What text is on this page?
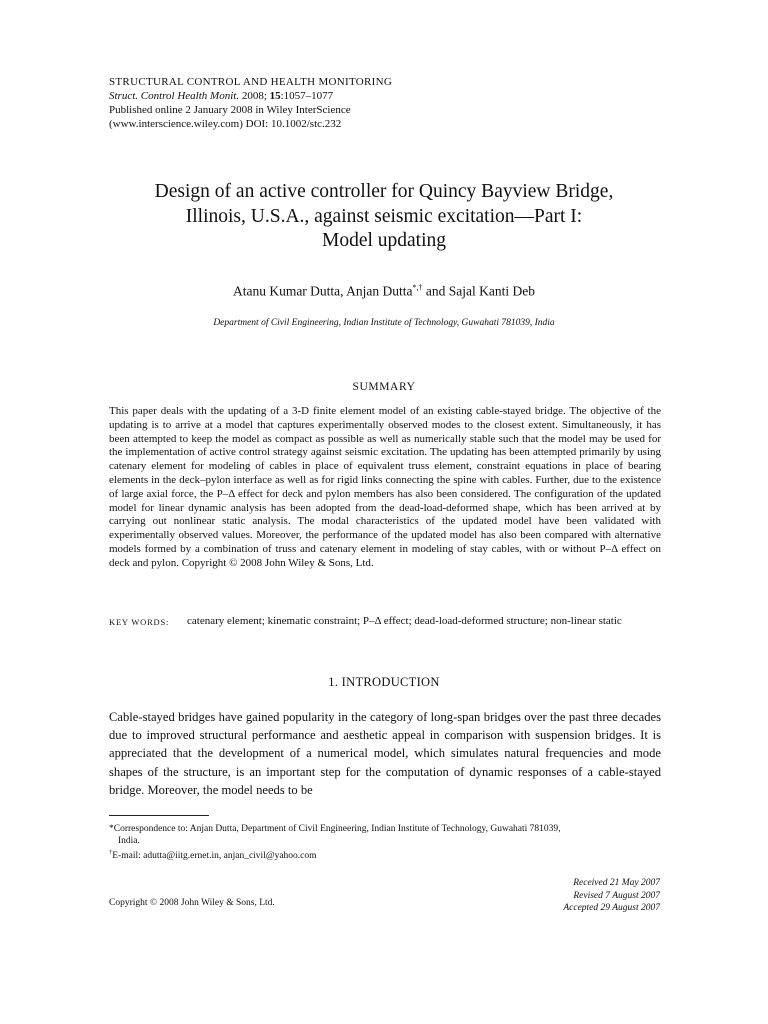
STRUCTURAL CONTROL AND HEALTH MONITORING
Struct. Control Health Monit. 2008; 15:1057–1077
Published online 2 January 2008 in Wiley InterScience
(www.interscience.wiley.com) DOI: 10.1002/stc.232
Design of an active controller for Quincy Bayview Bridge,
Illinois, U.S.A., against seismic excitation—Part I:
Model updating
Atanu Kumar Dutta, Anjan Dutta*,† and Sajal Kanti Deb
Department of Civil Engineering, Indian Institute of Technology, Guwahati 781039, India
SUMMARY
This paper deals with the updating of a 3-D finite element model of an existing cable-stayed bridge. The objective of the updating is to arrive at a model that captures experimentally observed modes to the closest extent. Simultaneously, it has been attempted to keep the model as compact as possible as well as numerically stable such that the model may be used for the implementation of active control strategy against seismic excitation. The updating has been attempted primarily by using catenary element for modeling of cables in place of equivalent truss element, constraint equations in place of bearing elements in the deck–pylon interface as well as for rigid links connecting the spine with cables. Further, due to the existence of large axial force, the P–Δ effect for deck and pylon members has also been considered. The configuration of the updated model for linear dynamic analysis has been adopted from the dead-load-deformed shape, which has been arrived at by carrying out nonlinear static analysis. The modal characteristics of the updated model have been validated with experimentally observed values. Moreover, the performance of the updated model has also been compared with alternative models formed by a combination of truss and catenary element in modeling of stay cables, with or without P–Δ effect on deck and pylon. Copyright © 2008 John Wiley & Sons, Ltd.
KEY WORDS:	catenary element; kinematic constraint; P–Δ effect; dead-load-deformed structure; non-linear static
1. INTRODUCTION
Cable-stayed bridges have gained popularity in the category of long-span bridges over the past three decades due to improved structural performance and aesthetic appeal in comparison with suspension bridges. It is appreciated that the development of a numerical model, which simulates natural frequencies and mode shapes of the structure, is an important step for the computation of dynamic responses of a cable-stayed bridge. Moreover, the model needs to be
*Correspondence to: Anjan Dutta, Department of Civil Engineering, Indian Institute of Technology, Guwahati 781039,
India.
†E-mail: adutta@iitg.ernet.in, anjan_civil@yahoo.com
Received 21 May 2007
Revised 7 August 2007
Accepted 29 August 2007
Copyright © 2008 John Wiley & Sons, Ltd.
